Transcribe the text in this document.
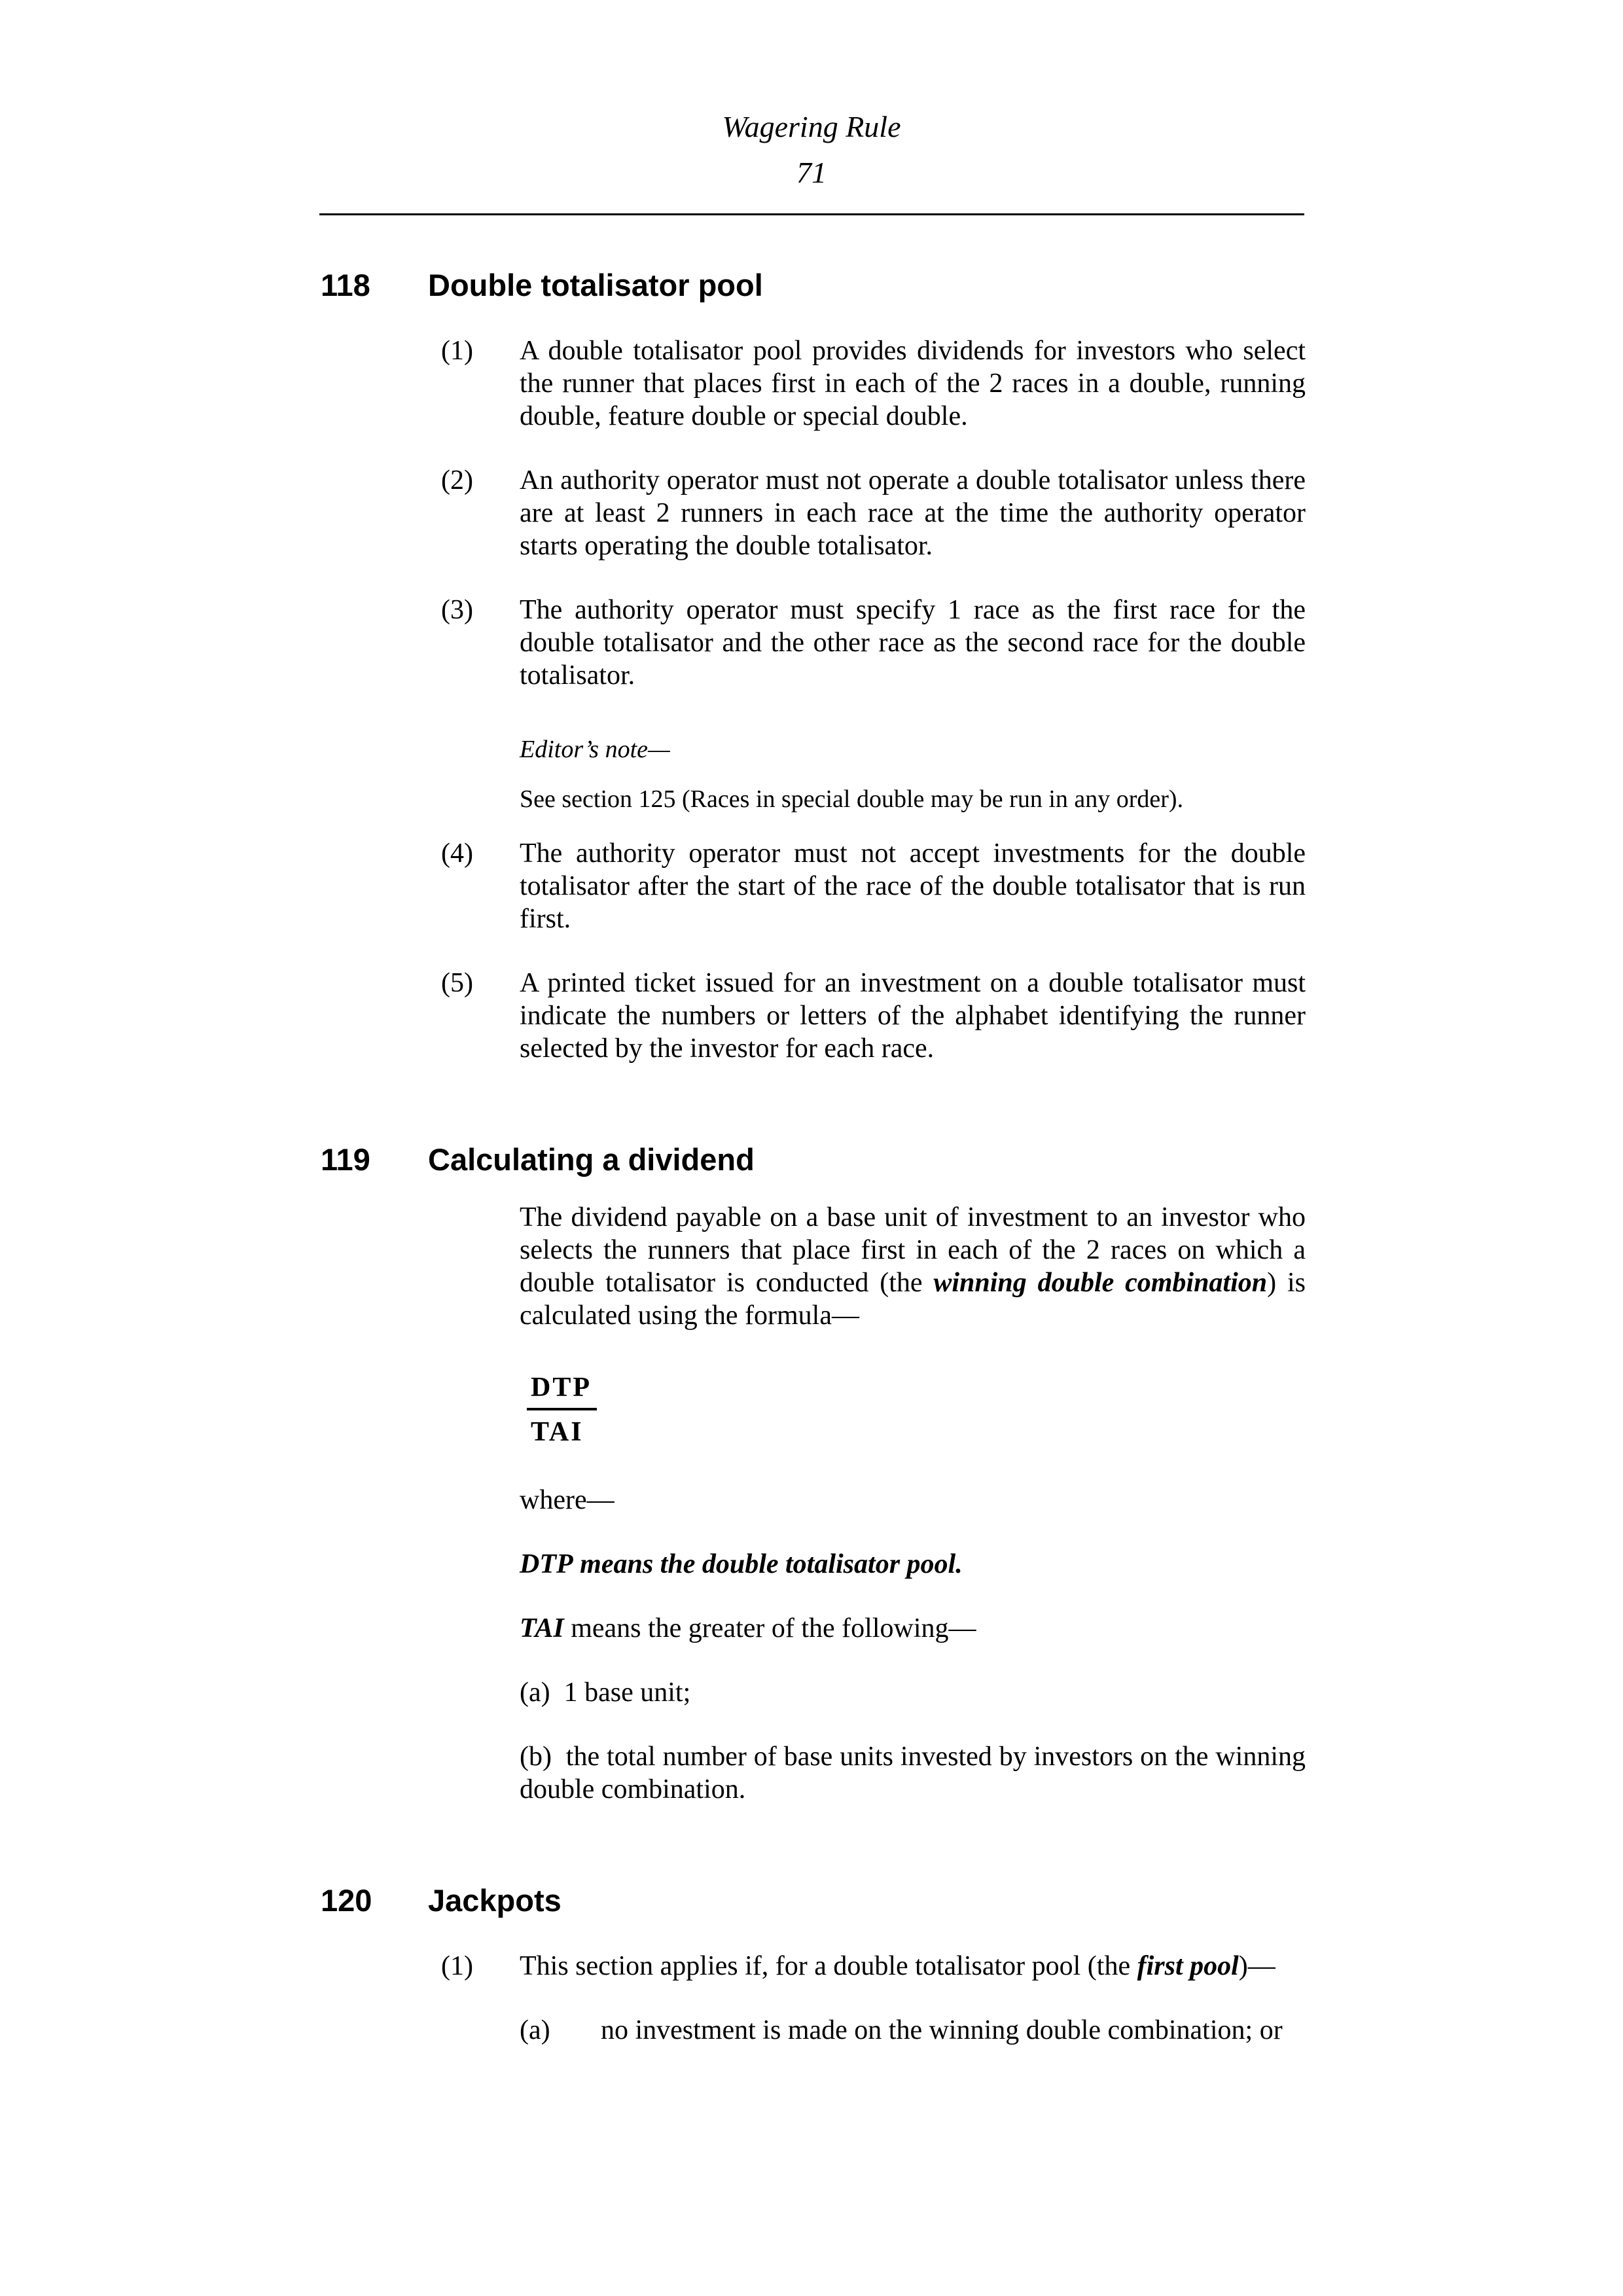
Wagering Rule
71
118	Double totalisator pool
(1)	A double totalisator pool provides dividends for investors who select the runner that places first in each of the 2 races in a double, running double, feature double or special double.
(2)	An authority operator must not operate a double totalisator unless there are at least 2 runners in each race at the time the authority operator starts operating the double totalisator.
(3)	The authority operator must specify 1 race as the first race for the double totalisator and the other race as the second race for the double totalisator.
Editor’s note—
See section 125 (Races in special double may be run in any order).
(4)	The authority operator must not accept investments for the double totalisator after the start of the race of the double totalisator that is run first.
(5)	A printed ticket issued for an investment on a double totalisator must indicate the numbers or letters of the alphabet identifying the runner selected by the investor for each race.
119	Calculating a dividend
The dividend payable on a base unit of investment to an investor who selects the runners that place first in each of the 2 races on which a double totalisator is conducted (the winning double combination) is calculated using the formula—
$\frac{\text{DTP}}{\text{TAI}}$
where—
DTP means the double totalisator pool.
TAI means the greater of the following—
(a)  1 base unit;
(b)  the total number of base units invested by investors on the winning double combination.
120	Jackpots
(1)	This section applies if, for a double totalisator pool (the first pool)—
(a)	no investment is made on the winning double combination; or
